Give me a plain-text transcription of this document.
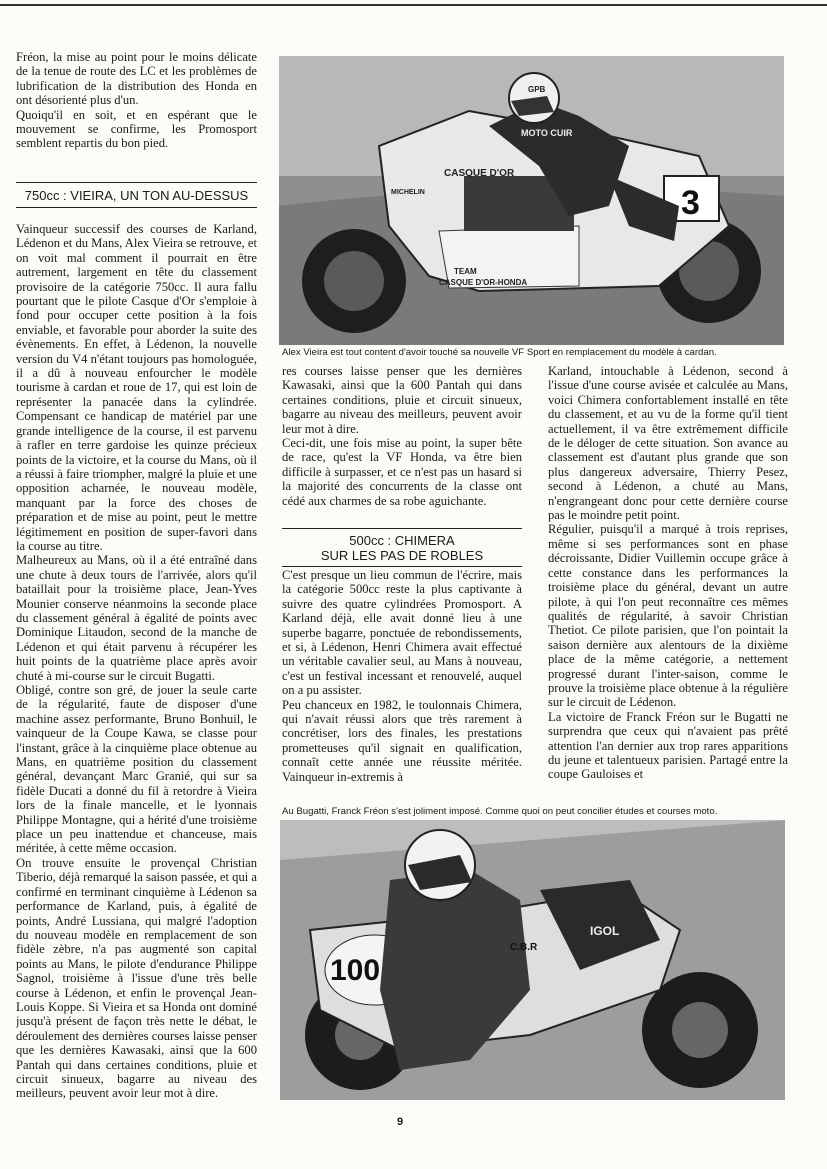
Fréon, la mise au point pour le moins délicate de la tenue de route des LC et les problèmes de lubrification de la distribution des Honda en ont désorienté plus d'un.

Quoiqu'il en soit, et en espérant que le mouvement se confirme, les Promosport semblent repartis du bon pied.

750cc : VIEIRA, UN TON AU-DESSUS

Vainqueur successif des courses de Karland, Lédenon et du Mans, Alex Vieira se retrouve, et on voit mal comment il pourrait en être autrement, largement en tête du classement provisoire de la catégorie 750cc. Il aura fallu pourtant que le pilote Casque d'Or s'emploie à fond pour occuper cette position à la fois enviable, et favorable pour aborder la suite des évènements. En effet, à Lédenon, la nouvelle version du V4 n'étant toujours pas homologuée, il a dû à nouveau enfourcher le modèle tourisme à cardan et roue de 17, qui est loin de représenter la panacée dans la cylindrée. Compensant ce handicap de matériel par une grande intelligence de la course, il est parvenu à rafler en terre gardoise les quinze précieux points de la victoire, et la course du Mans, où il a réussi à faire triompher, malgré la pluie et une opposition acharnée, le nouveau modèle, manquant par la force des choses de préparation et de mise au point, peut le mettre légitimement en position de super-favori dans la course au titre.

Malheureux au Mans, où il a été entraîné dans une chute à deux tours de l'arrivée, alors qu'il bataillait pour la troisième place, Jean-Yves Mounier conserve néanmoins la seconde place du classement général à égalité de points avec Dominique Litaudon, second de la manche de Lédenon et qui était parvenu à récupérer les huit points de la quatrième place après avoir chuté à mi-course sur le circuit Bugatti.

Obligé, contre son gré, de jouer la seule carte de la régularité, faute de disposer d'une machine assez performante, Bruno Bonhuil, le vainqueur de la Coupe Kawa, se classe pour l'instant, grâce à la cinquième place obtenue au Mans, en quatrième position du classement général, devançant Marc Granié, qui sur sa fidèle Ducati a donné du fil à retordre à Vieira lors de la finale mancelle, et le lyonnais Philippe Montagne, qui a hérité d'une troisième place un peu inattendue et chanceuse, mais méritée, à cette même occasion.

On trouve ensuite le provençal Christian Tiberio, déjà remarqué la saison passée, et qui a confirmé en terminant cinquième à Lédenon sa performance de Karland, puis, à égalité de points, André Lussiana, qui malgré l'adoption du nouveau modèle en remplacement de son fidèle zèbre, n'a pas augmenté son capital points au Mans, le pilote d'endurance Philippe Sagnol, troisième à l'issue d'une très belle course à Lédenon, et enfin le provençal Jean-Louis Koppe. Si Vieira et sa Honda ont dominé jusqu'à présent de façon très nette le débat, le déroulement des dernières courses laisse penser que les dernières Kawasaki, ainsi que la 600 Pantah qui dans certaines conditions, pluie et circuit sinueux, bagarre au niveau des meilleurs, peuvent avoir leur mot à dire.

CASQUE D'OR
TEAM
CASQUE D'OR-HONDA
3
MOTO CUIR
MICHELIN
GPB
Alex Vieira est tout content d'avoir touché sa nouvelle VF Sport en remplacement du modèle à cardan.

res courses laisse penser que les dernières Kawasaki, ainsi que la 600 Pantah qui dans certaines conditions, pluie et circuit sinueux, bagarre au niveau des meilleurs, peuvent avoir leur mot à dire.

Ceci-dit, une fois mise au point, la super bête de race, qu'est la VF Honda, va être bien difficile à surpasser, et ce n'est pas un hasard si la majorité des concurrents de la classe ont cédé aux charmes de sa robe aguichante.

500cc : CHIMERA
SUR LES PAS DE ROBLES

C'est presque un lieu commun de l'écrire, mais la catégorie 500cc reste la plus captivante à suivre des quatre cylindrées Promosport. A Karland déjà, elle avait donné lieu à une superbe bagarre, ponctuée de rebondissements, et si, à Lédenon, Henri Chimera avait effectué un véritable cavalier seul, au Mans à nouveau, c'est un festival incessant et renouvelé, auquel on a pu assister.

Peu chanceux en 1982, le toulonnais Chimera, qui n'avait réussi alors que très rarement à concrétiser, lors des finales, les prestations prometteuses qu'il signait en qualification, connaît cette année une réussite méritée. Vainqueur in-extremis à

Karland, intouchable à Lédenon, second à l'issue d'une course avisée et calculée au Mans, voici Chimera confortablement installé en tête du classement, et au vu de la forme qu'il tient actuellement, il va être extrêmement difficile de le déloger de cette situation. Son avance au classement est d'autant plus grande que son plus dangereux adversaire, Thierry Pesez, second à Lédenon, a chuté au Mans, n'engrangeant donc pour cette dernière course pas le moindre petit point.

Régulier, puisqu'il a marqué à trois reprises, même si ses performances sont en phase décroissante, Didier Vuillemin occupe grâce à cette constance dans les performances la troisième place du général, devant un autre pilote, à qui l'on peut reconnaître ces mêmes qualités de régularité, à savoir Christian Thetiot. Ce pilote parisien, que l'on pointait la saison dernière aux alentours de la dixième place de la même catégorie, a nettement progressé durant l'inter-saison, comme le prouve la troisième place obtenue à la régulière sur le circuit de Lédenon.

La victoire de Franck Fréon sur le Bugatti ne surprendra que ceux qui n'avaient pas prêté attention l'an dernier aux trop rares apparitions du jeune et talentueux parisien. Partagé entre la coupe Gauloises et

Au Bugatti, Franck Fréon s'est joliment imposé. Comme quoi on peut concilier études et courses moto.
100
IGOL
C.B.R
9
